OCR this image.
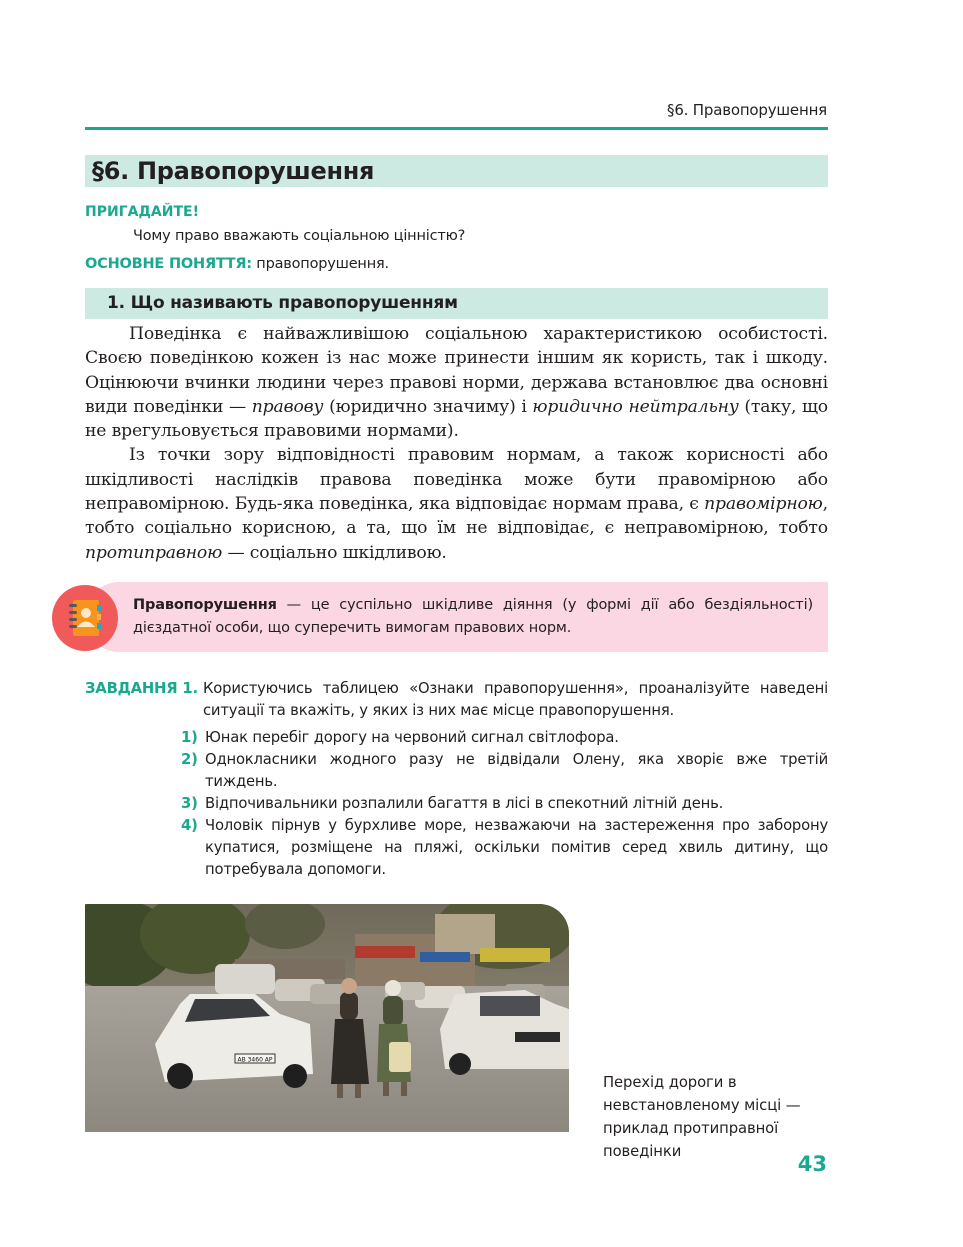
§6. Правопорушення
§6. Правопорушення
ПРИГАДАЙТЕ!
Чому право вважають соціальною цінністю?
ОСНОВНЕ ПОНЯТТЯ: правопорушення.
1. Що називають правопорушенням

Поведінка є найважливішою соціальною характеристикою особистості. Своєю поведінкою кожен із нас може принести іншим як користь, так і шкоду. Оцінюючи вчинки людини через правові норми, держава встановлює два основні види поведінки — правову (юридично значиму) і юридично нейтральну (таку, що не врегульовується правовими нормами).

Із точки зору відповідності правовим нормам, а також корисності або шкідливості наслідків правова поведінка може бути правомірною або неправомірною. Будь-яка поведінка, яка відповідає нормам права, є правомірною, тобто соціально корисною, а та, що їм не відповідає, є неправомірною, тобто протиправною — соціально шкідливою.

Правопорушення — це суспільно шкідливе діяння (у формі дії або бездіяльності) дієздатної особи, що суперечить вимогам правових норм.
ЗАВДАННЯ 1. Користуючись таблицею «Ознаки правопорушення», проаналізуйте наведені ситуації та вкажіть, у яких із них має місце правопорушення.
1) Юнак перебіг дорогу на червоний сигнал світлофора.
2) Однокласники жодного разу не відвідали Олену, яка хворіє вже третій тиждень.
3) Відпочивальники розпалили багаття в лісі в спекотний літній день.
4) Чоловік пірнув у бурхливе море, незважаючи на застереження про заборону купатися, розміщене на пляжі, оскільки помітив серед хвиль дитину, що потребувала допомоги.
АВ 3460 АР
Перехід дороги в невстановленому місці — приклад протиправної поведінки
43
